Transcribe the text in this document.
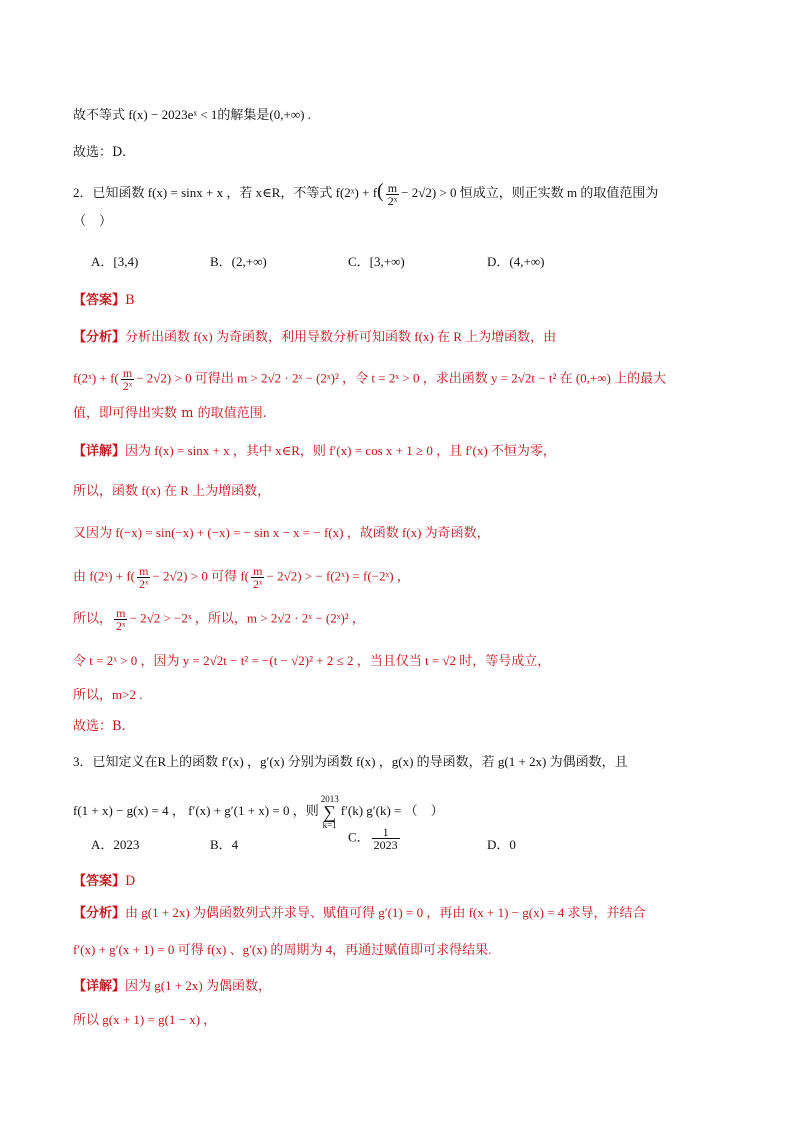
故不等式 f(x) − 2023eˣ < 1的解集是(0,+∞) .
故选：D.
2．已知函数 f(x) = sinx + x ，若 x∈R，不等式 f(2ˣ) + $f( \frac{m}{\text{2ˣ}} - 2√2) > 0$ 恒成立，则正实数 m 的取值范围为
（　）
A．[3,4)	B．(2,+∞)	C．[3,+∞)	D．(4,+∞)
【答案】B
【分析】分析出函数 f(x) 为奇函数，利用导数分析可知函数 f(x) 在 R 上为增函数，由
f(2ˣ) + $f( \frac{m}{\text{2ˣ}} - 2√2) > 0$ 可得出 m > 2√2 · 2ˣ − (2ˣ)² ，令 t = 2ˣ > 0 ，求出函数 y = 2√2t − t² 在 (0,+∞) 上的最大
值，即可得出实数 m 的取值范围.
【详解】因为 f(x) = sinx + x ，其中 x∈R，则 f′(x) = cos x + 1 ≥ 0 ，且 f′(x) 不恒为零，
所以，函数 f(x) 在 R 上为增函数，
又因为 f(−x) = sin(−x) + (−x) = − sin x − x = − f(x) ，故函数 f(x) 为奇函数，
由 f(2ˣ) + $f( \frac{m}{\text{2ˣ}} - 2√2) > 0$ 可得 $f( \frac{m}{\text{2ˣ}} - 2√2)$ > − f(2ˣ) = f(−2ˣ) ，
所以， $\frac{m}{\text{2ˣ}} - 2√2$ > −2ˣ ，所以，m > 2√2 · 2ˣ − (2ˣ)² ，
令 t = 2ˣ > 0 ，因为 y = 2√2t − t² = −(t − √2)² + 2 ≤ 2 ，当且仅当 t = √2 时，等号成立，
所以，m>2 .
故选：B.
3．已知定义在R上的函数 f′(x) ，g′(x) 分别为函数 f(x) ，g(x) 的导函数，若 g(1 + 2x) 为偶函数，且
f(1 + x) − g(x) = 4 ， f′(x) + g′(1 + x) = 0 ，则2013
∑
k=1f′(k) g′(k) = （　）
A．2023	B．4
C． $\frac{1}{2023}$	D．0
【答案】D
【分析】由 g(1 + 2x) 为偶函数列式并求导、赋值可得 g′(1) = 0 ，再由 f(x + 1) − g(x) = 4 求导，并结合
f′(x) + g′(x + 1) = 0 可得 f(x) 、g′(x) 的周期为 4，再通过赋值即可求得结果.
【详解】因为 g(1 + 2x) 为偶函数，
所以 g(x + 1) = g(1 − x) ，
